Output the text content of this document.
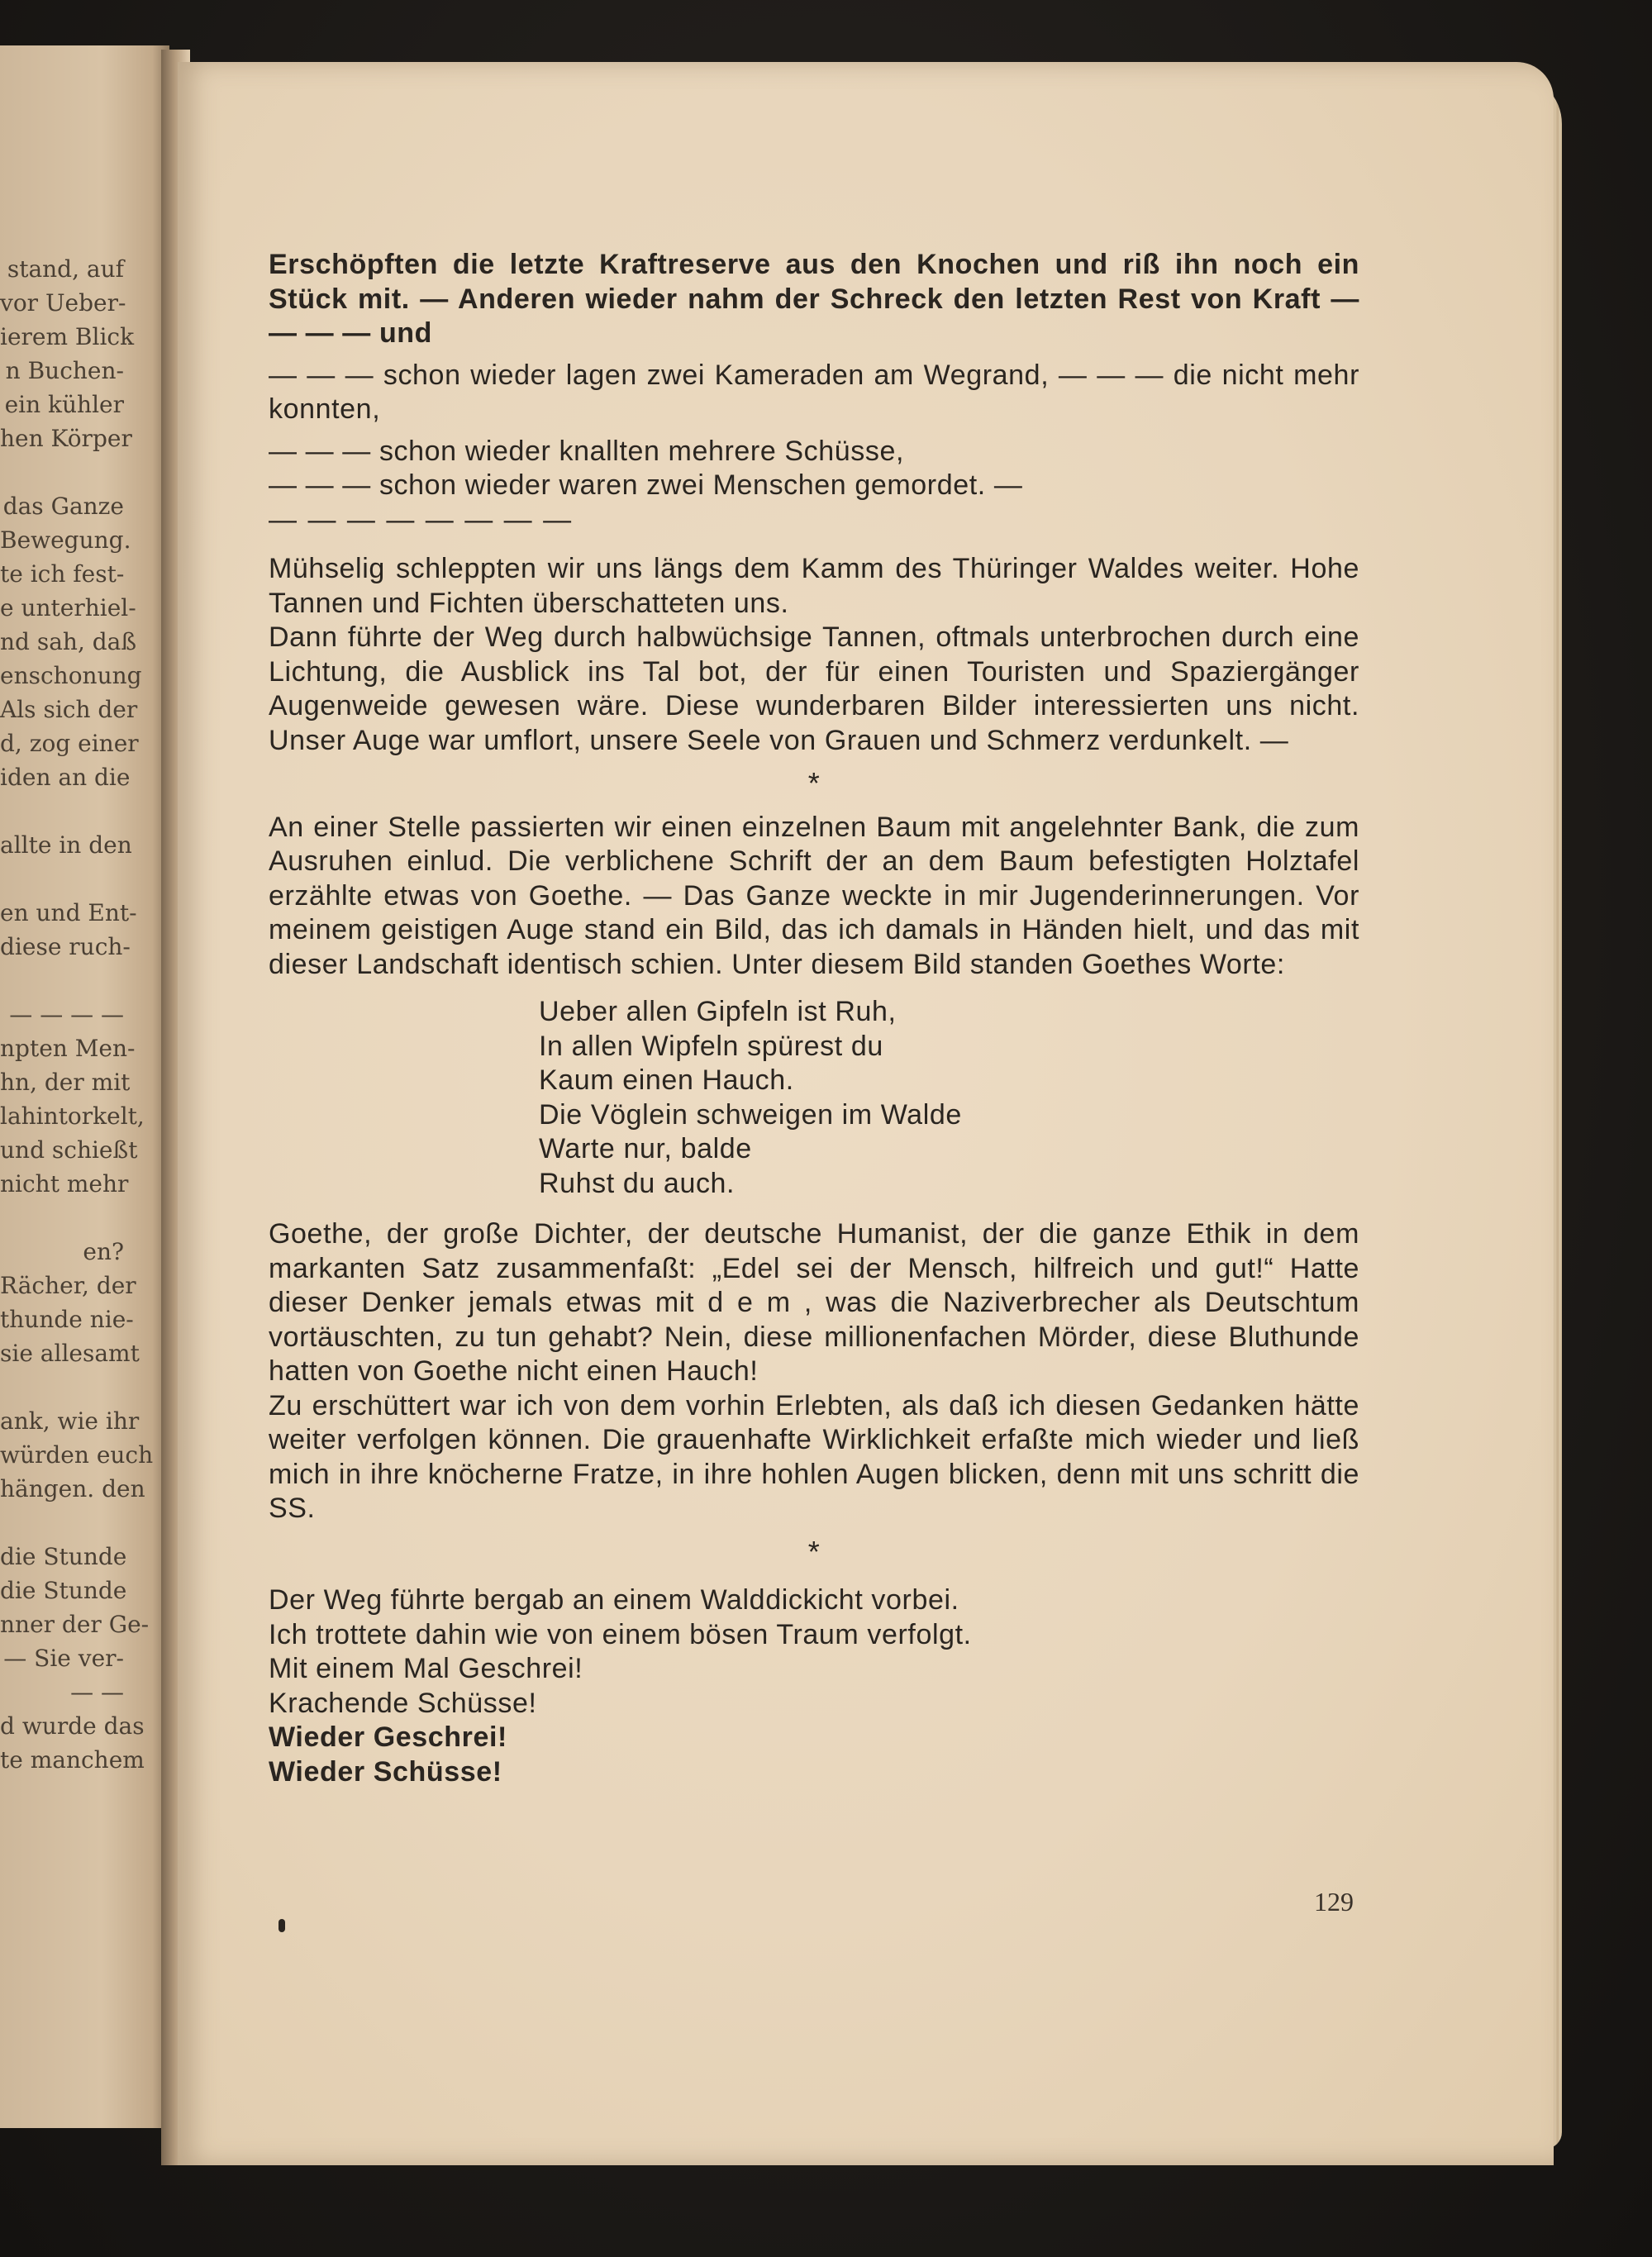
stand, auf
vor Ueber-
ierem Blick
n Buchen-
ein kühler
hen Körper
das Ganze
Bewegung.
te ich fest-
e unterhiel-
nd sah, daß
enschonung
Als sich der
d, zog einer
iden an die
allte in den
en und Ent-
diese ruch-
— — — —
npten Men-
hn, der mit
lahintorkelt,
und schießt
nicht mehr
en?
Rächer, der
thunde nie-
sie allesamt
ank, wie ihr
würden euch
hängen. den
die Stunde
die Stunde
nner der Ge-
— Sie ver-
— —
d wurde das
te manchem

Erschöpften die letzte Kraftreserve aus den Knochen und riß ihn noch ein Stück mit. — Anderen wieder nahm der Schreck den letzten Rest von Kraft — — — — und

— — — schon wieder lagen zwei Kameraden am Wegrand, — — — die nicht mehr konnten,

— — — schon wieder knallten mehrere Schüsse,

— — — schon wieder waren zwei Menschen gemordet. —

— — — — — — — —

Mühselig schleppten wir uns längs dem Kamm des Thüringer Waldes weiter. Hohe Tannen und Fichten überschatteten uns.

Dann führte der Weg durch halbwüchsige Tannen, oftmals unterbrochen durch eine Lichtung, die Ausblick ins Tal bot, der für einen Touristen und Spaziergänger Augenweide gewesen wäre. Diese wunderbaren Bilder interessierten uns nicht. Unser Auge war umflort, unsere Seele von Grauen und Schmerz verdunkelt. —

*

An einer Stelle passierten wir einen einzelnen Baum mit angelehnter Bank, die zum Ausruhen einlud. Die verblichene Schrift der an dem Baum befestigten Holztafel erzählte etwas von Goethe. — Das Ganze weckte in mir Jugenderinnerungen. Vor meinem geistigen Auge stand ein Bild, das ich damals in Händen hielt, und das mit dieser Landschaft identisch schien. Unter diesem Bild standen Goethes Worte:

Ueber allen Gipfeln ist Ruh,
In allen Wipfeln spürest du
Kaum einen Hauch.
Die Vöglein schweigen im Walde
Warte nur, balde
Ruhst du auch.

Goethe, der große Dichter, der deutsche Humanist, der die ganze Ethik in dem markanten Satz zusammenfaßt: „Edel sei der Mensch, hilfreich und gut!“ Hatte dieser Denker jemals etwas mit d e m , was die Naziverbrecher als Deutschtum vortäuschten, zu tun gehabt? Nein, diese millionenfachen Mörder, diese Bluthunde hatten von Goethe nicht einen Hauch!

Zu erschüttert war ich von dem vorhin Erlebten, als daß ich diesen Gedanken hätte weiter verfolgen können. Die grauenhafte Wirklichkeit erfaßte mich wieder und ließ mich in ihre knöcherne Fratze, in ihre hohlen Augen blicken, denn mit uns schritt die SS.

*
Der Weg führte bergab an einem Walddickicht vorbei.
Ich trottete dahin wie von einem bösen Traum verfolgt.
Mit einem Mal Geschrei!
Krachende Schüsse!
Wieder Geschrei!
Wieder Schüsse!
129
